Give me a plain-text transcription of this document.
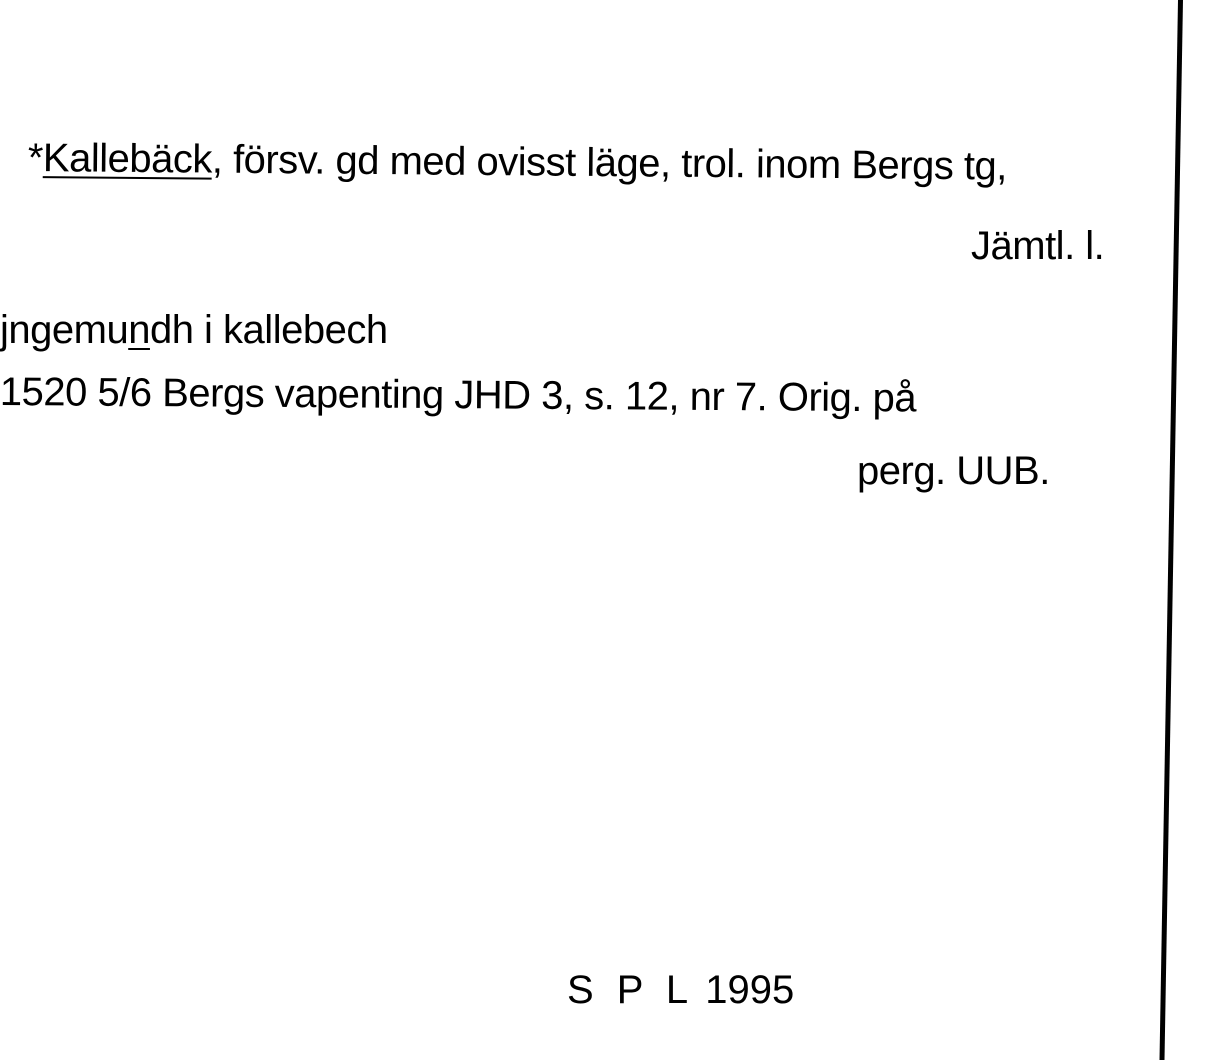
*Kallebäck, försv. gd med ovisst läge, trol. inom Bergs tg,
Jämtl. l.
jngemundh i kallebech
1520 5/6 Bergs vapenting JHD 3, s. 12, nr 7. Orig. på
perg. UUB.
S P L 1995
